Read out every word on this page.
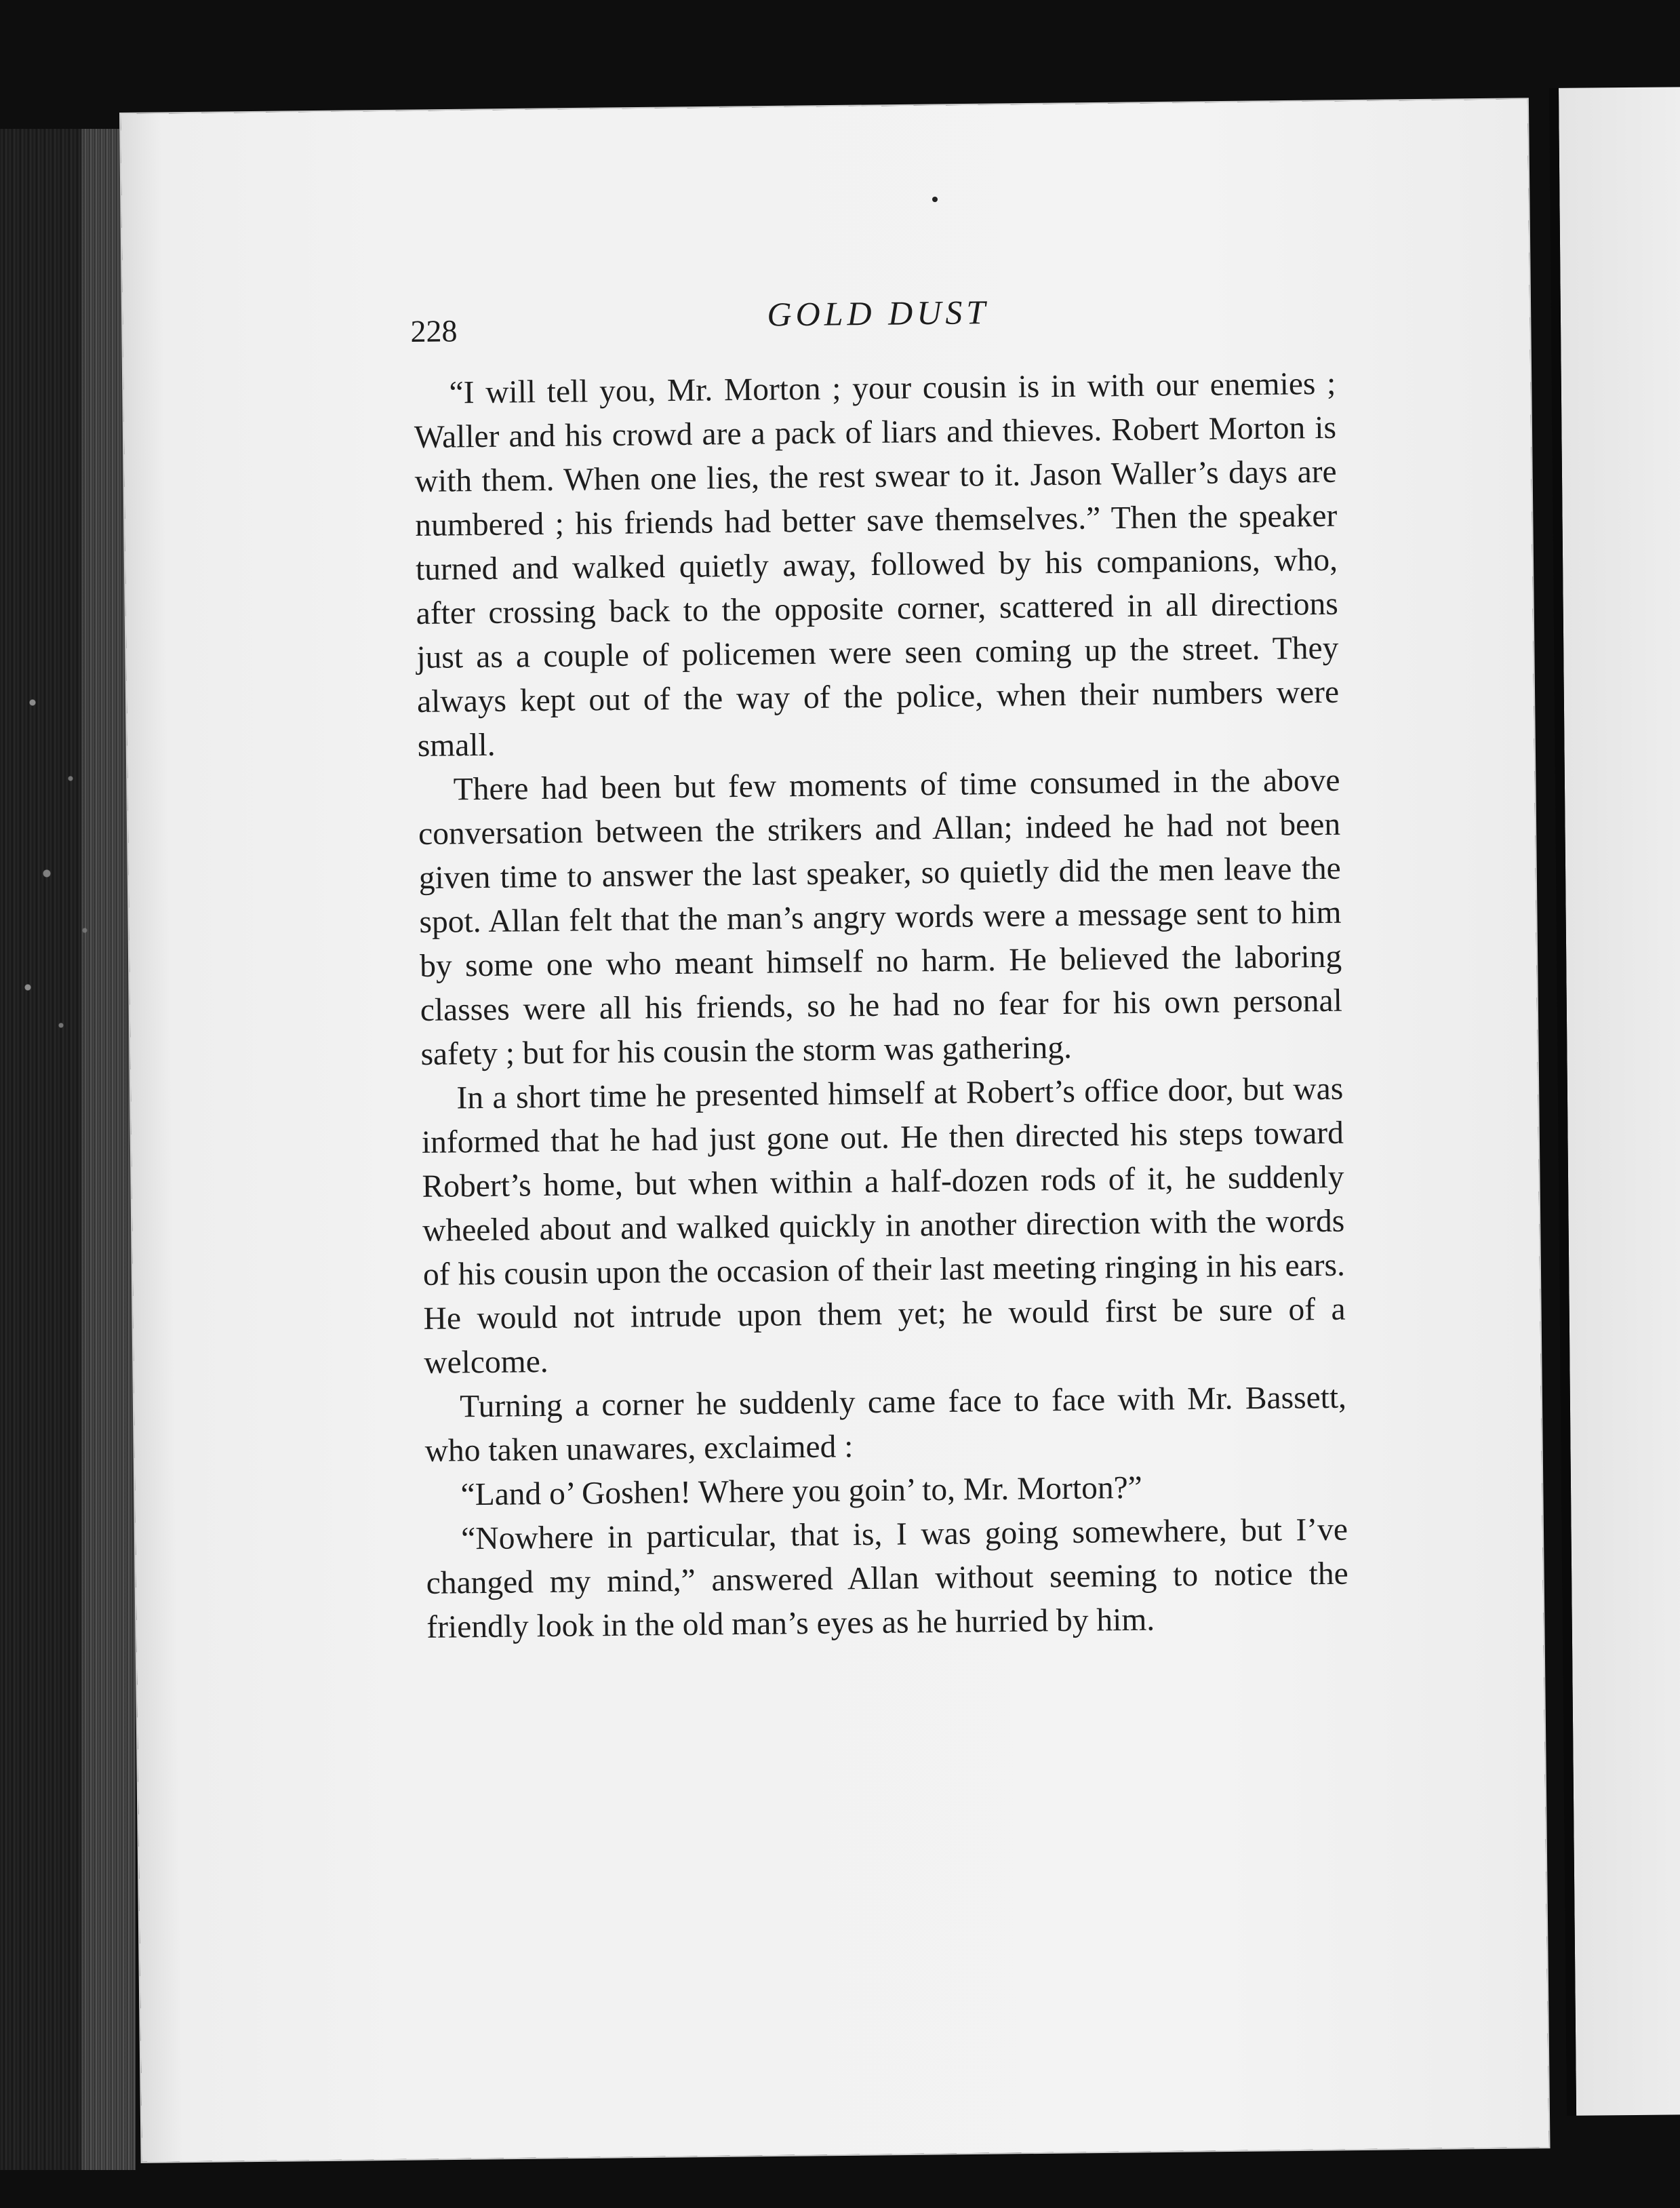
228	GOLD DUST

“I will tell you, Mr. Morton ; your cousin is in with our enemies ; Waller and his crowd are a pack of liars and thieves. Robert Morton is with them. When one lies, the rest swear to it. Jason Waller’s days are numbered ; his friends had better save themselves.” Then the speaker turned and walked quietly away, followed by his companions, who, after crossing back to the opposite corner, scattered in all directions just as a couple of policemen were seen coming up the street. They always kept out of the way of the police, when their numbers were small.

There had been but few moments of time consumed in the above conversation between the strikers and Allan; indeed he had not been given time to answer the last speaker, so quietly did the men leave the spot. Allan felt that the man’s angry words were a message sent to him by some one who meant himself no harm. He believed the laboring classes were all his friends, so he had no fear for his own personal safety ; but for his cousin the storm was gathering.

In a short time he presented himself at Robert’s office door, but was informed that he had just gone out. He then directed his steps toward Robert’s home, but when within a half-dozen rods of it, he suddenly wheeled about and walked quickly in another direction with the words of his cousin upon the occasion of their last meeting ringing in his ears. He would not intrude upon them yet; he would first be sure of a welcome.

Turning a corner he suddenly came face to face with Mr. Bassett, who taken unawares, exclaimed :

“Land o’ Goshen! Where you goin’ to, Mr. Morton?”

“Nowhere in particular, that is, I was going somewhere, but I’ve changed my mind,” answered Allan without seeming to notice the friendly look in the old man’s eyes as he hurried by him.
